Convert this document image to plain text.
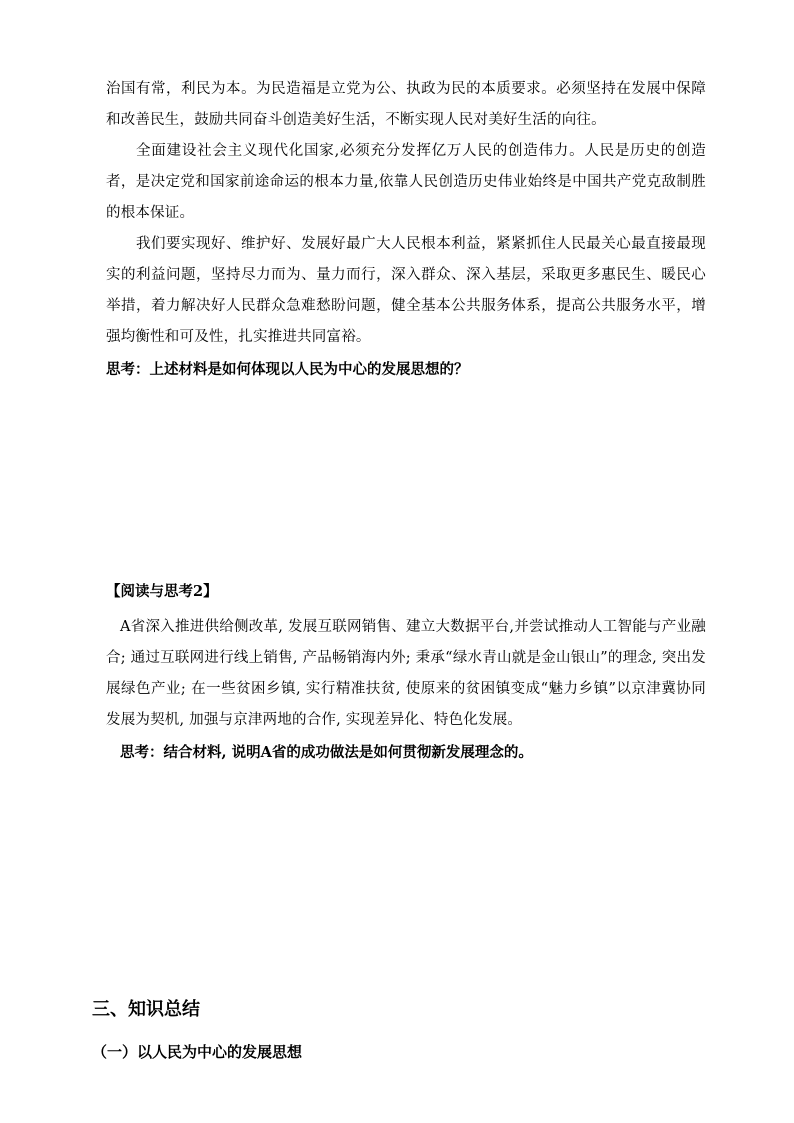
治国有常，利民为本。为民造福是立党为公、执政为民的本质要求。必须坚持在发展中保障和改善民生，鼓励共同奋斗创造美好生活，不断实现人民对美好生活的向往。

全面建设社会主义现代化国家,必须充分发挥亿万人民的创造伟力。人民是历史的创造者，是决定党和国家前途命运的根本力量,依靠人民创造历史伟业始终是中国共产党克敌制胜的根本保证。

我们要实现好、维护好、发展好最广大人民根本利益，紧紧抓住人民最关心最直接最现实的利益问题，坚持尽力而为、量力而行，深入群众、深入基层，采取更多惠民生、暖民心举措，着力解决好人民群众急难愁盼问题，健全基本公共服务体系，提高公共服务水平，增强均衡性和可及性，扎实推进共同富裕。

思考：上述材料是如何体现以人民为中心的发展思想的？

【阅读与思考2】

A省深入推进供给侧改革, 发展互联网销售、建立大数据平台,并尝试推动人工智能与产业融合; 通过互联网进行线上销售, 产品畅销海内外; 秉承“绿水青山就是金山银山”的理念, 突出发展绿色产业; 在一些贫困乡镇, 实行精准扶贫, 使原来的贫困镇变成“魅力乡镇”以京津冀协同发展为契机, 加强与京津两地的合作, 实现差异化、特色化发展。

思考：结合材料, 说明A省的成功做法是如何贯彻新发展理念的。

三、知识总结
（一）以人民为中心的发展思想
